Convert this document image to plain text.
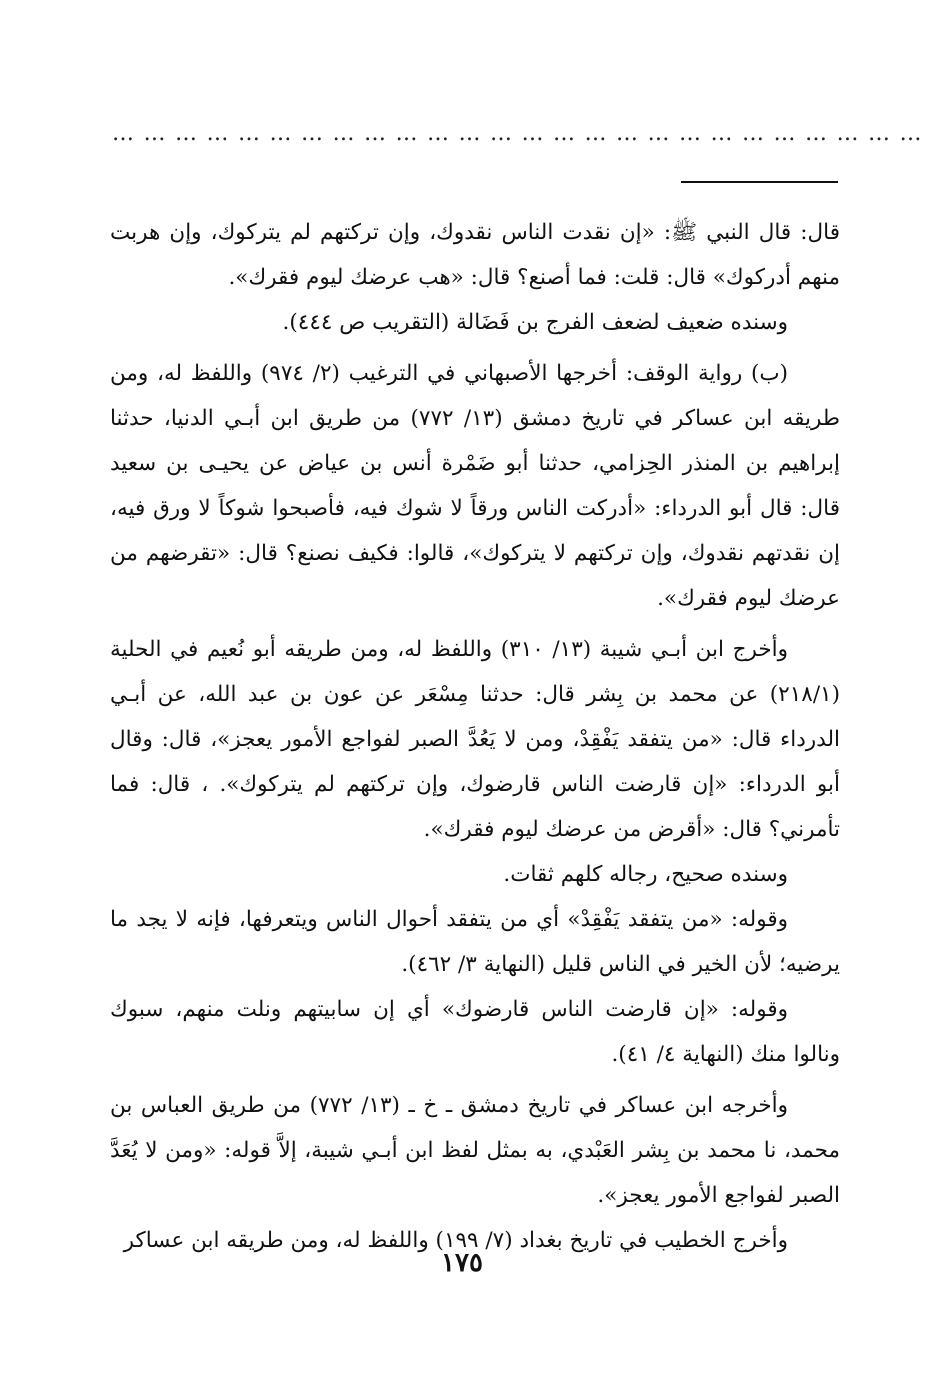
……………………………………………………………………

قال: قال النبي ﷺ: «إن نقدت الناس نقدوك، وإن تركتهم لم يتركوك، وإن هربت منهم أدركوك» قال: قلت: فما أصنع؟ قال: «هب عرضك ليوم فقرك».

وسنده ضعيف لضعف الفرج بن فَضَالة (التقريب ص ٤٤٤).

(ب) رواية الوقف: أخرجها الأصبهاني في الترغيب (٢/ ٩٧٤) واللفظ له، ومن طريقه ابن عساكر في تاريخ دمشق (١٣/ ٧٧٢) من طريق ابن أبـي الدنيا، حدثنا إبراهيم بن المنذر الحِزامي، حدثنا أبو ضَمْرة أنس بن عياض عن يحيـى بن سعيد قال: قال أبو الدرداء: «أدركت الناس ورقاً لا شوك فيه، فأصبحوا شوكاً لا ورق فيه، إن نقدتهم نقدوك، وإن تركتهم لا يتركوك»، قالوا: فكيف نصنع؟ قال: «تقرضهم من عرضك ليوم فقرك».

وأخرج ابن أبـي شيبة (١٣/ ٣١٠) واللفظ له، ومن طريقه أبو نُعيم في الحلية (٢١٨/١) عن محمد بن بِشر قال: حدثنا مِسْعَر عن عون بن عبد الله، عن أبـي الدرداء قال: «من يتفقد يَفْقِدْ، ومن لا يَعُدَّ الصبر لفواجع الأمور يعجز»، قال: وقال أبو الدرداء: «إن قارضت الناس قارضوك، وإن تركتهم لم يتركوك». ، قال: فما تأمرني؟ قال: «أقرض من عرضك ليوم فقرك».

وسنده صحيح، رجاله كلهم ثقات.

وقوله: «من يتفقد يَفْقِدْ» أي من يتفقد أحوال الناس ويتعرفها، فإنه لا يجد ما يرضيه؛ لأن الخير في الناس قليل (النهاية ٣/ ٤٦٢).

وقوله: «إن قارضت الناس قارضوك» أي إن سابيتهم ونلت منهم، سبوك ونالوا منك (النهاية ٤/ ٤١).

وأخرجه ابن عساكر في تاريخ دمشق ـ خ ـ (١٣/ ٧٧٢) من طريق العباس بن محمد، نا محمد بن بِشر العَبْدي، به بمثل لفظ ابن أبـي شيبة، إلاَّ قوله: «ومن لا يُعَدَّ الصبر لفواجع الأمور يعجز».

وأخرج الخطيب في تاريخ بغداد (٧/ ١٩٩) واللفظ له، ومن طريقه ابن عساكر

١٧٥
